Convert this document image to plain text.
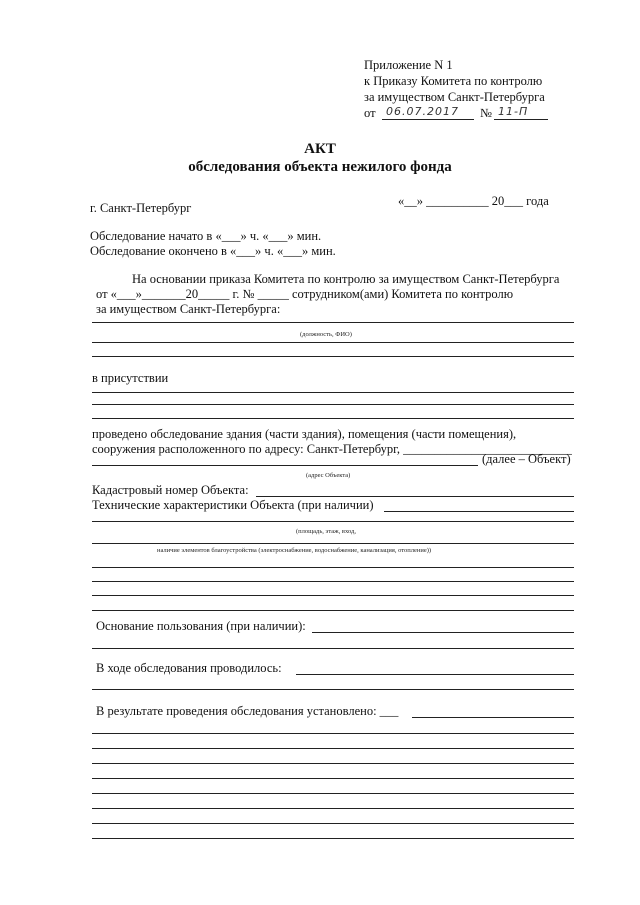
Приложение N 1
к Приказу Комитета по контролю
за имуществом Санкт-Петербурга
от 06.07.2017 № 11-П
АКТ
обследования объекта нежилого фонда
г. Санкт-Петербург	«__» __________ 20___ года
Обследование начато в «___» ч. «___» мин.
Обследование окончено в «___» ч. «___» мин.
На основании приказа Комитета по контролю за имуществом Санкт-Петербурга
от «___»_______20_____ г. № _____ сотрудником(ами) Комитета по контролю
за имуществом Санкт-Петербурга:
(должность, ФИО)
в присутствии
проведено обследование здания (части здания), помещения (части помещения),
сооружения расположенного по адресу: Санкт-Петербург, ___________________________
(далее – Объект)
(адрес Объекта)
Кадастровый номер Объекта:
Технические характеристики Объекта (при наличии)
(площадь, этаж, вход,
наличие элементов благоустройства (электроснабжение, водоснабжение, канализация, отопление))
Основание пользования (при наличии):
В ходе обследования проводилось:
В результате проведения обследования установлено: ___
